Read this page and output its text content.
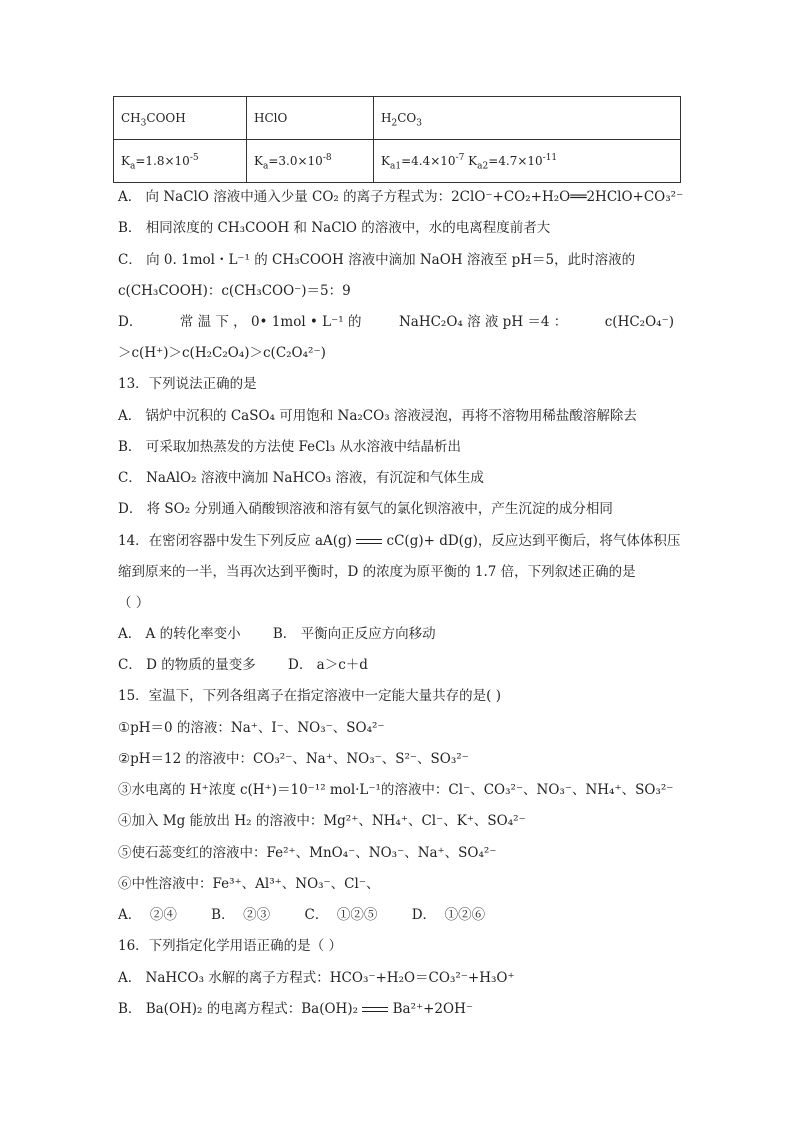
$CH_3COOH$	HClO	$H_2CO_3$
$K_a=1.8\times 10^{-5}$	$K_a=3.0\times 10^{-8}$	$K_{a1}=4.4\times 10^{-7}$ $K_{a2}=4.7\times 10^{-11}$
A． 向 NaClO 溶液中通入少量 CO₂ 的离子方程式为：2ClO⁻+CO₂+H₂O══2HClO+CO₃²⁻
B． 相同浓度的 CH₃COOH 和 NaClO 的溶液中，水的电离程度前者大
C． 向 0. 1mol・L⁻¹ 的 CH₃COOH 溶液中滴加 NaOH 溶液至 pH＝5，此时溶液的
c(CH₃COOH)：c(CH₃COO⁻)＝5：9
D．	常 温 下 ， 0• 1mol • L⁻¹ 的	NaHC₂O₄ 溶 液 pH ＝4 ：	c(HC₂O₄⁻)
＞c(H⁺)＞c(H₂C₂O₄)＞c(C₂O₄²⁻)
13．下列说法正确的是
A． 锅炉中沉积的 CaSO₄ 可用饱和 Na₂CO₃ 溶液浸泡，再将不溶物用稀盐酸溶解除去
B． 可采取加热蒸发的方法使 FeCl₃ 从水溶液中结晶析出
C． NaAlO₂ 溶液中滴加 NaHCO₃ 溶液，有沉淀和气体生成
D． 将 SO₂ 分别通入硝酸钡溶液和溶有氨气的氯化钡溶液中，产生沉淀的成分相同
14．在密闭容器中发生下列反应 aA(g)	cC(g)+ dD(g)，反应达到平衡后，将气体体积压
缩到原来的一半，当再次达到平衡时，D 的浓度为原平衡的 1.7 倍，下列叙述正确的是
（ ）
A． A 的转化率变小 B． 平衡向正反应方向移动
C． D 的物质的量变多 D． a＞c＋d
15．室温下，下列各组离子在指定溶液中一定能大量共存的是( )
①pH＝0 的溶液：Na⁺、I⁻、NO₃⁻、SO₄²⁻
②pH＝12 的溶液中：CO₃²⁻、Na⁺、NO₃⁻、S²⁻、SO₃²⁻
③水电离的 H⁺浓度 c(H⁺)＝10⁻¹² mol·L⁻¹的溶液中：Cl⁻、CO₃²⁻、NO₃⁻、NH₄⁺、SO₃²⁻
④加入 Mg 能放出 H₂ 的溶液中：Mg²⁺、NH₄⁺、Cl⁻、K⁺、SO₄²⁻
⑤使石蕊变红的溶液中：Fe²⁺、MnO₄⁻、NO₃⁻、Na⁺、SO₄²⁻
⑥中性溶液中：Fe³⁺、Al³⁺、NO₃⁻、Cl⁻、
A．  ②④        B．  ②③        C．  ①②⑤        D．  ①②⑥
16．下列指定化学用语正确的是（ ）
A． NaHCO₃ 水解的离子方程式：HCO₃⁻+H₂O＝CO₃²⁻+H₃O⁺
B． Ba(OH)₂ 的电离方程式：Ba(OH)₂	Ba²⁺+2OH⁻
